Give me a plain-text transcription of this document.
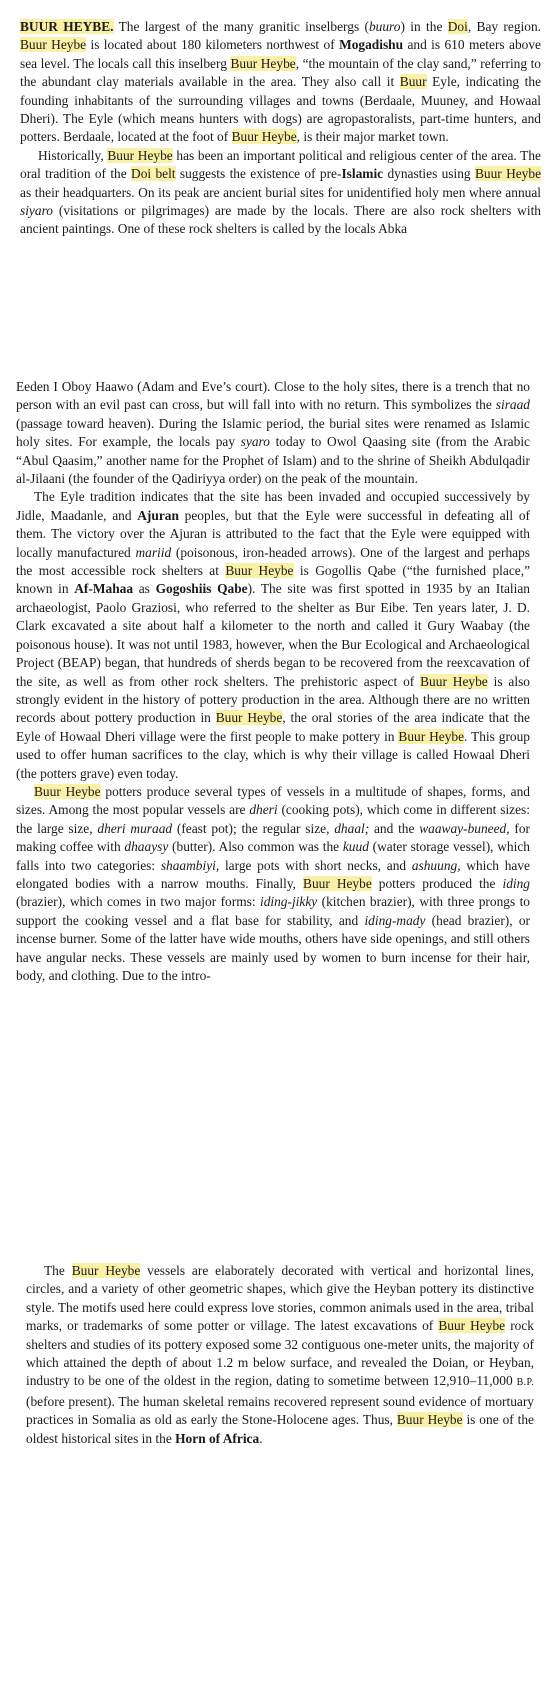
BUUR HEYBE. The largest of the many granitic inselbergs (buuro) in the Doi, Bay region. Buur Heybe is located about 180 kilometers northwest of Mogadishu and is 610 meters above sea level. The locals call this inselberg Buur Heybe, “the mountain of the clay sand,” referring to the abundant clay materials available in the area. They also call it Buur Eyle, indicating the founding inhabitants of the surrounding villages and towns (Berdaale, Muuney, and Howaal Dheri). The Eyle (which means hunters with dogs) are agropastoralists, part-time hunters, and potters. Berdaale, located at the foot of Buur Heybe, is their major market town.

Historically, Buur Heybe has been an important political and religious center of the area. The oral tradition of the Doi belt suggests the existence of pre-Islamic dynasties using Buur Heybe as their headquarters. On its peak are ancient burial sites for unidentified holy men where annual siyaro (visitations or pilgrimages) are made by the locals. There are also rock shelters with ancient paintings. One of these rock shelters is called by the locals Abka

Eeden I Oboy Haawo (Adam and Eve’s court). Close to the holy sites, there is a trench that no person with an evil past can cross, but will fall into with no return. This symbolizes the siraad (passage toward heaven). During the Islamic period, the burial sites were renamed as Islamic holy sites. For example, the locals pay syaro today to Owol Qaasing site (from the Arabic “Abul Qaasim,” another name for the Prophet of Islam) and to the shrine of Sheikh Abdulqadir al-Jilaani (the founder of the Qadiriyya order) on the peak of the mountain.

The Eyle tradition indicates that the site has been invaded and occupied successively by Jidle, Maadanle, and Ajuran peoples, but that the Eyle were successful in defeating all of them. The victory over the Ajuran is attributed to the fact that the Eyle were equipped with locally manufactured mariid (poisonous, iron-headed arrows). One of the largest and perhaps the most accessible rock shelters at Buur Heybe is Gogollis Qabe (“the furnished place,” known in Af-Mahaa as Gogoshiis Qabe). The site was first spotted in 1935 by an Italian archaeologist, Paolo Graziosi, who referred to the shelter as Bur Eibe. Ten years later, J. D. Clark excavated a site about half a kilometer to the north and called it Gury Waabay (the poisonous house). It was not until 1983, however, when the Bur Ecological and Archaeological Project (BEAP) began, that hundreds of sherds began to be recovered from the reexcavation of the site, as well as from other rock shelters. The prehistoric aspect of Buur Heybe is also strongly evident in the history of pottery production in the area. Although there are no written records about pottery production in Buur Heybe, the oral stories of the area indicate that the Eyle of Howaal Dheri village were the first people to make pottery in Buur Heybe. This group used to offer human sacrifices to the clay, which is why their village is called Howaal Dheri (the potters grave) even today.

Buur Heybe potters produce several types of vessels in a multitude of shapes, forms, and sizes. Among the most popular vessels are dheri (cooking pots), which come in different sizes: the large size, dheri muraad (feast pot); the regular size, dhaal; and the waaway-buneed, for making coffee with dhaaysy (butter). Also common was the kuud (water storage vessel), which falls into two categories: shaambiyi, large pots with short necks, and ashuung, which have elongated bodies with a narrow mouths. Finally, Buur Heybe potters produced the iding (brazier), which comes in two major forms: iding-jikky (kitchen brazier), with three prongs to support the cooking vessel and a flat base for stability, and iding-mady (head brazier), or incense burner. Some of the latter have wide mouths, others have side openings, and still others have angular necks. These vessels are mainly used by women to burn incense for their hair, body, and clothing. Due to the intro-

The Buur Heybe vessels are elaborately decorated with vertical and horizontal lines, circles, and a variety of other geometric shapes, which give the Heyban pottery its distinctive style. The motifs used here could express love stories, common animals used in the area, tribal marks, or trademarks of some potter or village. The latest excavations of Buur Heybe rock shelters and studies of its pottery exposed some 32 contiguous one-meter units, the majority of which attained the depth of about 1.2 m below surface, and revealed the Doian, or Heyban, industry to be one of the oldest in the region, dating to sometime between 12,910–11,000 B.P. (before present). The human skeletal remains recovered represent sound evidence of mortuary practices in Somalia as old as early the Stone-Holocene ages. Thus, Buur Heybe is one of the oldest historical sites in the Horn of Africa.
